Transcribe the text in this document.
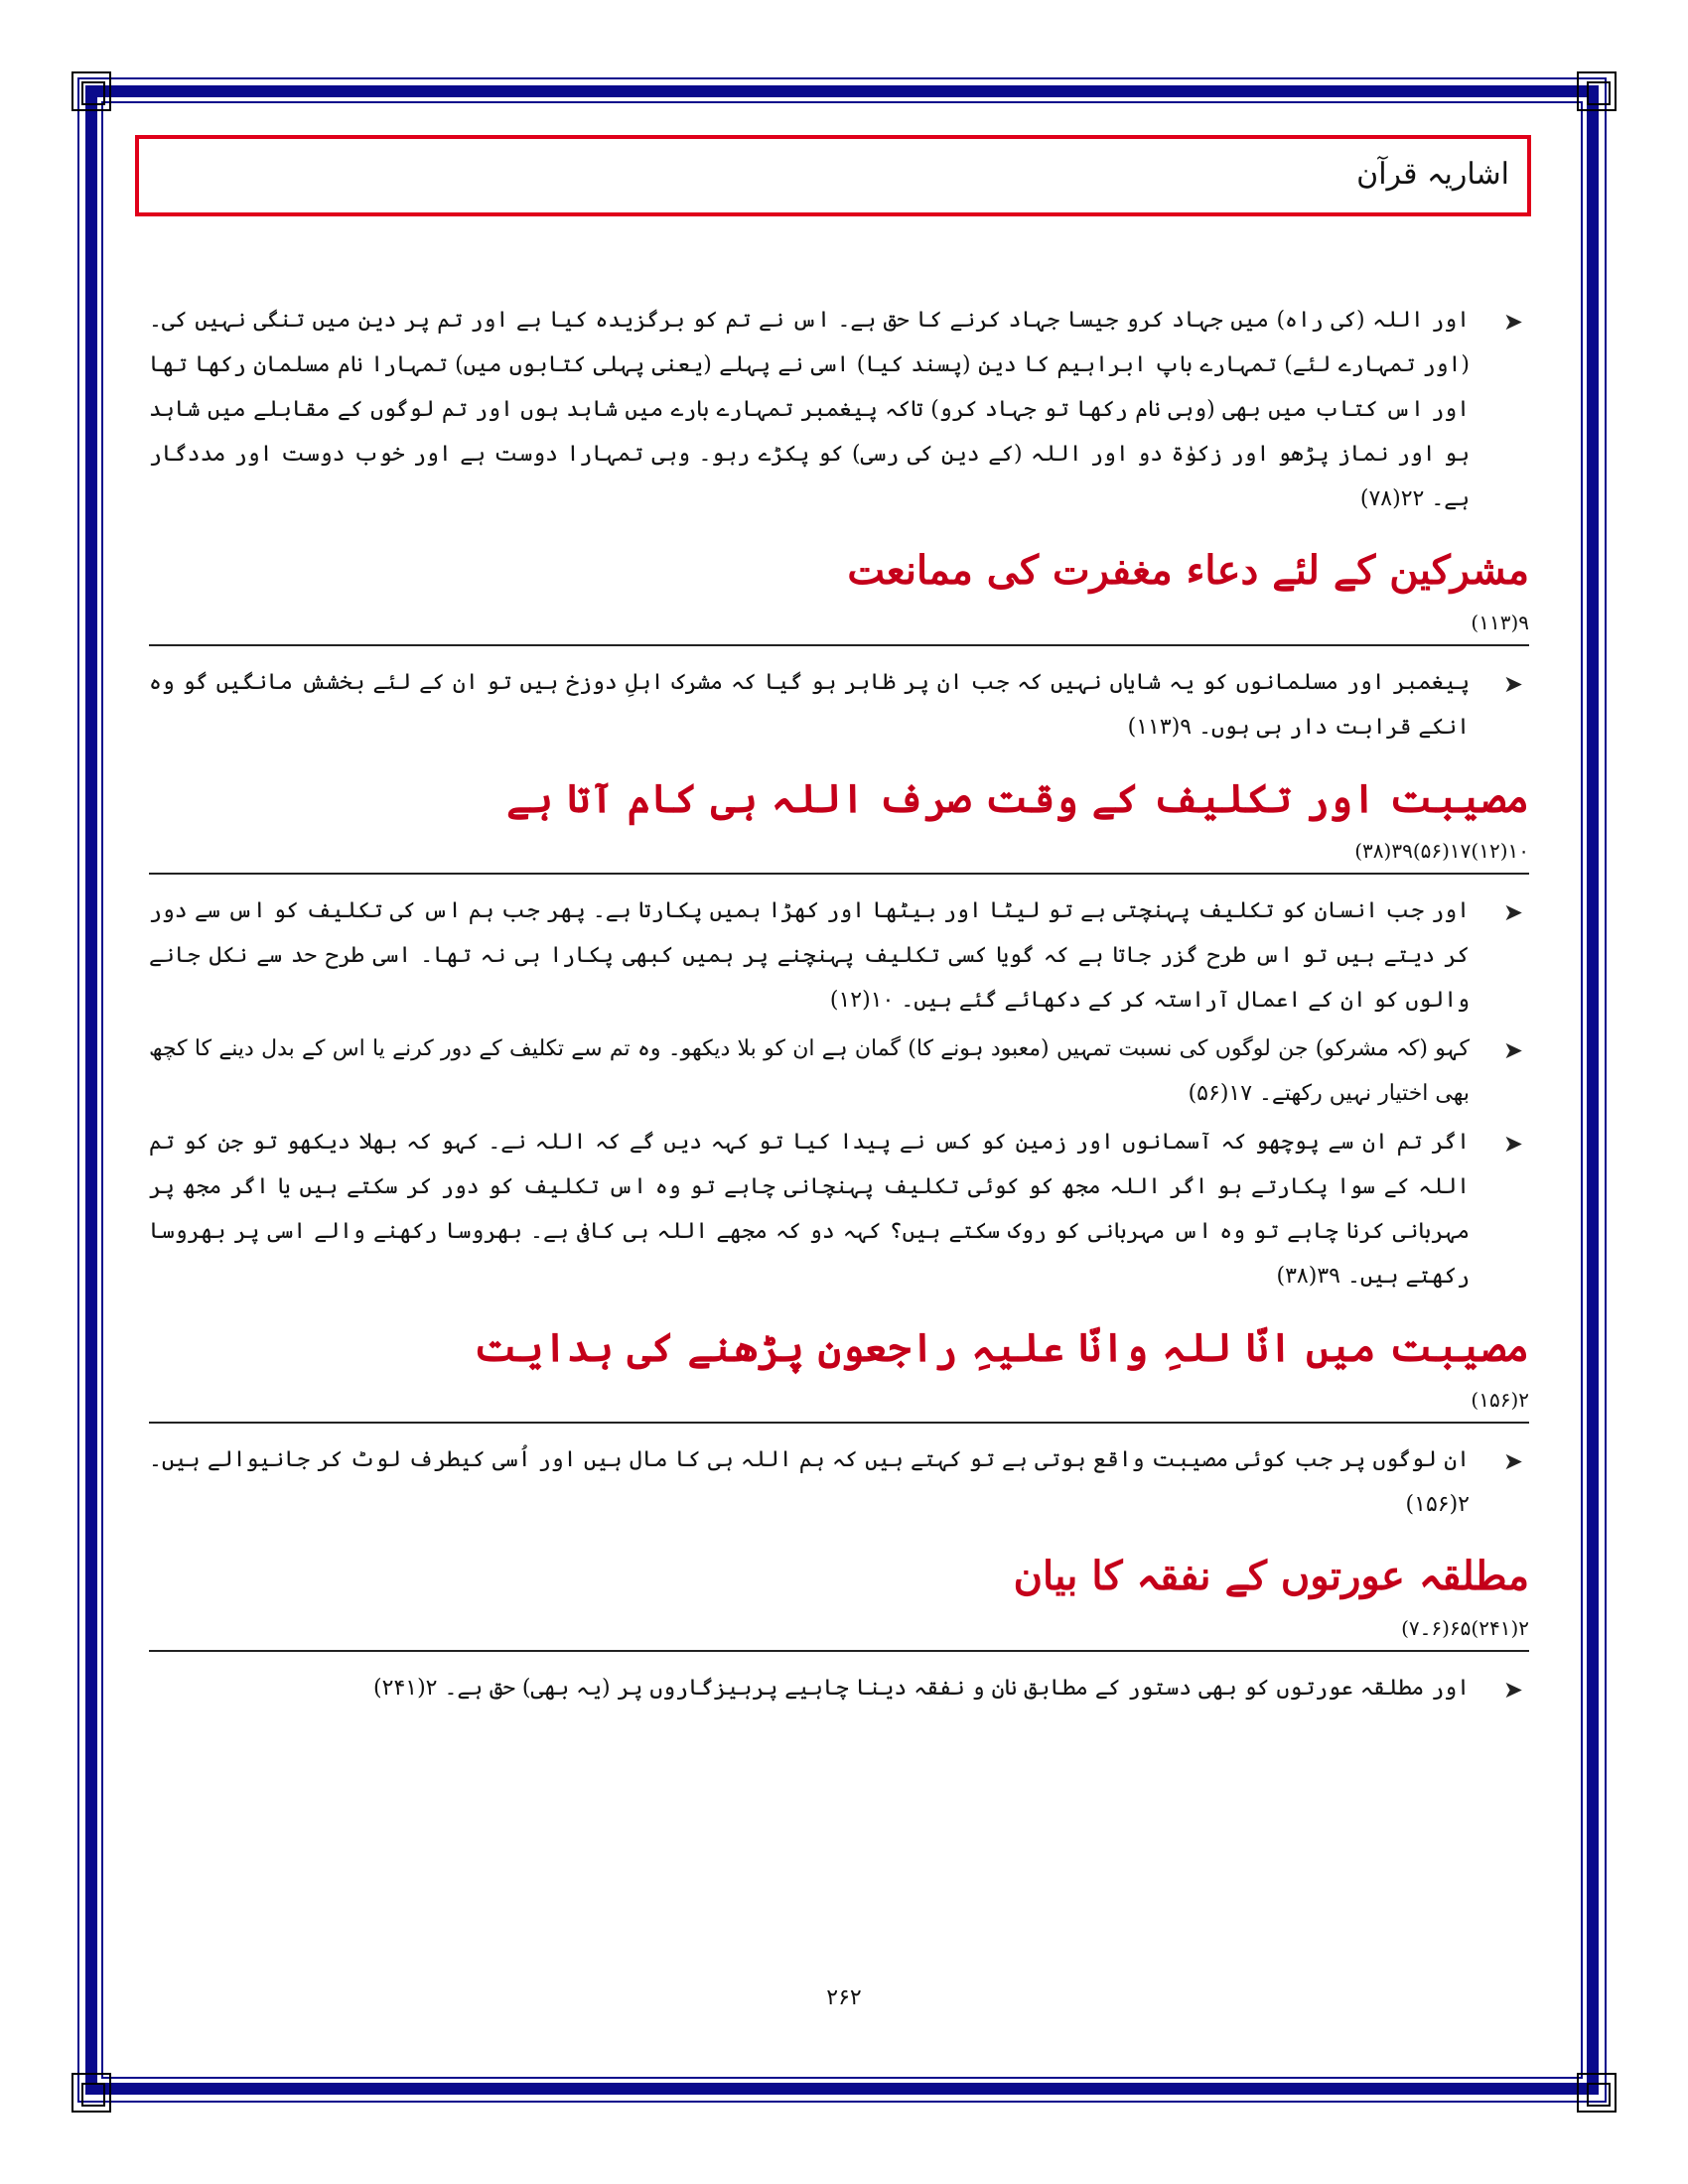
اشاریہ قرآن
➤
اور اللہ (کی راہ) میں جہاد کرو جیسا جہاد کرنے کا حق ہے۔ اس نے تم کو برگزیدہ کیا ہے اور تم پر دین میں تنگی نہیں کی۔ (اور تمہارے لئے) تمہارے باپ ابراہیم کا دین (پسند کیا) اسی نے پہلے (یعنی پہلی کتابوں میں) تمہارا نام مسلمان رکھا تھا اور اس کتاب میں بھی (وہی نام رکھا تو جہاد کرو) تاکہ پیغمبر تمہارے بارے میں شاہد ہوں اور تم لوگوں کے مقابلے میں شاہد ہو اور نماز پڑھو اور زکوٰۃ دو اور اللہ (کے دین کی رسی) کو پکڑے رہو۔ وہی تمہارا دوست ہے اور خوب دوست اور مددگار ہے۔ ۲۲(۷۸)
مشرکین کے لئے دعاء مغفرت کی ممانعت
۹(۱۱۳)
➤
پیغمبر اور مسلمانوں کو یہ شایاں نہیں کہ جب ان پر ظاہر ہو گیا کہ مشرک اہلِ دوزخ ہیں تو ان کے لئے بخشش مانگیں گو وہ انکے قرابت دار ہی ہوں۔ ۹(۱۱۳)
مصیبت اور تکلیف کے وقت صرف اللہ ہی کام آتا ہے
۱۰(۱۲)۱۷(۵۶)۳۹(۳۸)
➤
اور جب انسان کو تکلیف پہنچتی ہے تو لیٹا اور بیٹھا اور کھڑا ہمیں پکارتا ہے۔ پھر جب ہم اس کی تکلیف کو اس سے دور کر دیتے ہیں تو اس طرح گزر جاتا ہے کہ گویا کسی تکلیف پہنچنے پر ہمیں کبھی پکارا ہی نہ تھا۔ اسی طرح حد سے نکل جانے والوں کو ان کے اعمال آراستہ کر کے دکھائے گئے ہیں۔ ۱۰(۱۲)
➤
کہو (کہ مشرکو) جن لوگوں کی نسبت تمہیں (معبود ہونے کا) گمان ہے ان کو بلا دیکھو۔ وہ تم سے تکلیف کے دور کرنے یا اس کے بدل دینے کا کچھ بھی اختیار نہیں رکھتے۔ ۱۷(۵۶)
➤
اگر تم ان سے پوچھو کہ آسمانوں اور زمین کو کس نے پیدا کیا تو کہہ دیں گے کہ اللہ نے۔ کہو کہ بھلا دیکھو تو جن کو تم اللہ کے سوا پکارتے ہو اگر اللہ مجھ کو کوئی تکلیف پہنچانی چاہے تو وہ اس تکلیف کو دور کر سکتے ہیں یا اگر مجھ پر مہربانی کرنا چاہے تو وہ اس مہربانی کو روک سکتے ہیں؟ کہہ دو کہ مجھے اللہ ہی کافی ہے۔ بھروسا رکھنے والے اسی پر بھروسا رکھتے ہیں۔ ۳۹(۳۸)
مصیبت میں انّا للہِ وانّا علیہِ راجعون پڑھنے کی ہدایت
۲(۱۵۶)
➤
ان لوگوں پر جب کوئی مصیبت واقع ہوتی ہے تو کہتے ہیں کہ ہم اللہ ہی کا مال ہیں اور اُسی کیطرف لوٹ کر جانیوالے ہیں۔ ۲(۱۵۶)
مطلقہ عورتوں کے نفقہ کا بیان
۲(۲۴۱)۶۵(۶۔۷)
➤
اور مطلقہ عورتوں کو بھی دستور کے مطابق نان و نفقہ دینا چاہیے پرہیزگاروں پر (یہ بھی) حق ہے۔ ۲(۲۴۱)
۲۶۲
